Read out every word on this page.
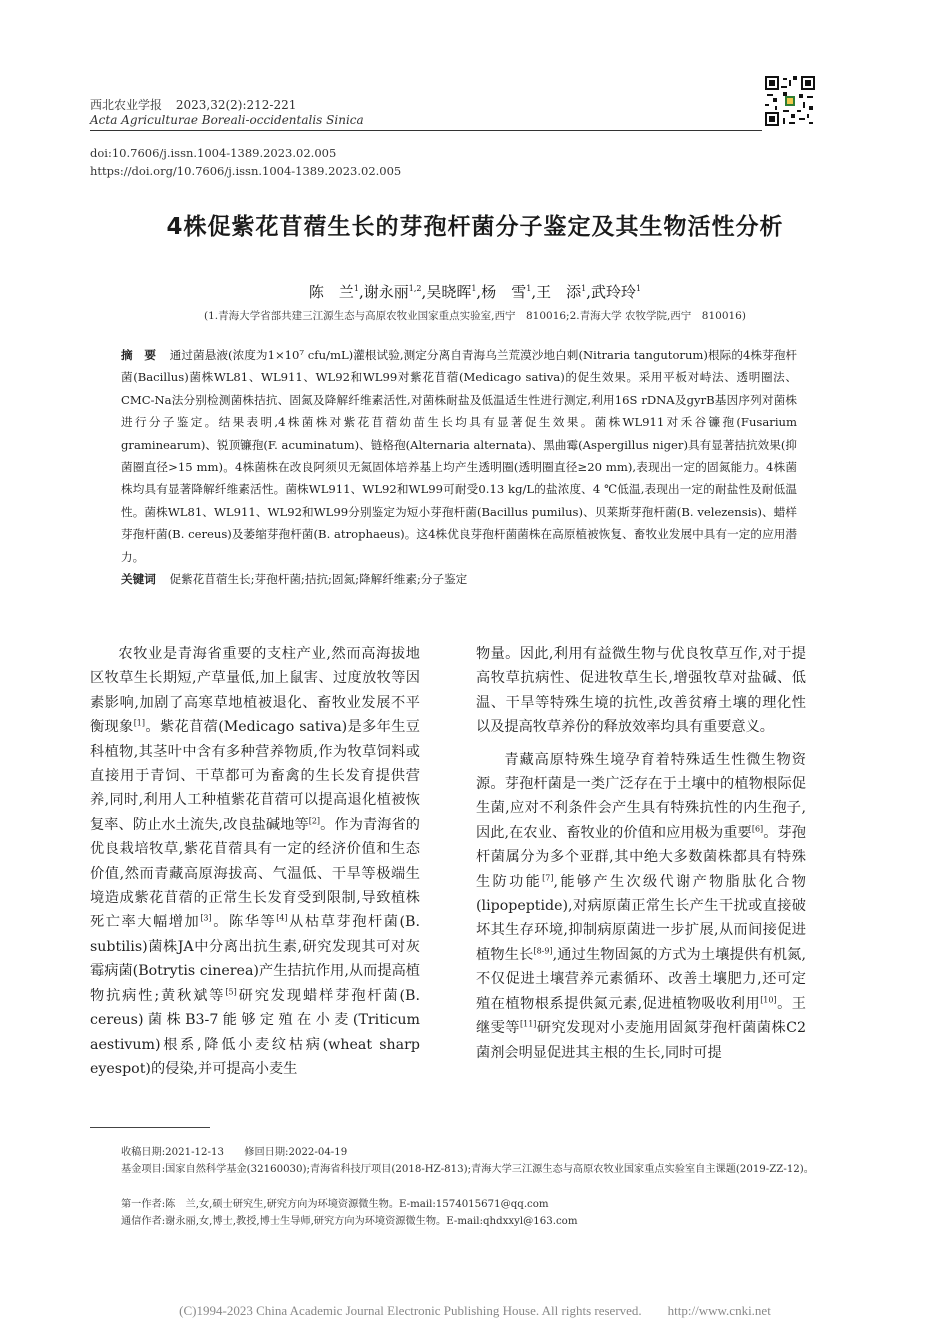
西北农业学报 2023,32(2):212-221
Acta Agriculturae Boreali-occidentalis Sinica
doi:10.7606/j.issn.1004-1389.2023.02.005
https://doi.org/10.7606/j.issn.1004-1389.2023.02.005
4株促紫花苜蓿生长的芽孢杆菌分子鉴定及其生物活性分析
陈　兰$^1$,谢永丽$^{1,2}$,吴晓晖$^1$,杨　雪$^1$,王　添$^1$,武玲玲$^1$
(1.青海大学省部共建三江源生态与高原农牧业国家重点实验室,西宁　810016;2.青海大学 农牧学院,西宁　810016)
摘　要 通过菌悬液(浓度为1×10⁷ cfu/mL)灌根试验,测定分离自青海乌兰荒漠沙地白刺(Nitraria tangutorum)根际的4株芽孢杆菌(Bacillus)菌株WL81、WL911、WL92和WL99对紫花苜蓿(Medicago sativa)的促生效果。采用平板对峙法、透明圈法、CMC-Na法分别检测菌株拮抗、固氮及降解纤维素活性,对菌株耐盐及低温适生性进行测定,利用16S rDNA及gyrB基因序列对菌株进行分子鉴定。结果表明,4株菌株对紫花苜蓿幼苗生长均具有显著促生效果。菌株WL911对禾谷镰孢(Fusarium graminearum)、锐顶镰孢(F. acuminatum)、链格孢(Alternaria alternata)、黑曲霉(Aspergillus niger)具有显著拮抗效果(抑菌圈直径>15 mm)。4株菌株在改良阿须贝无氮固体培养基上均产生透明圈(透明圈直径≥20 mm),表现出一定的固氮能力。4株菌株均具有显著降解纤维素活性。菌株WL911、WL92和WL99可耐受0.13 kg/L的盐浓度、4 ℃低温,表现出一定的耐盐性及耐低温性。菌株WL81、WL911、WL92和WL99分别鉴定为短小芽孢杆菌(Bacillus pumilus)、贝莱斯芽孢杆菌(B. velezensis)、蜡样芽孢杆菌(B. cereus)及萎缩芽孢杆菌(B. atrophaeus)。这4株优良芽孢杆菌菌株在高原植被恢复、畜牧业发展中具有一定的应用潜力。
关键词 促紫花苜蓿生长;芽孢杆菌;拮抗;固氮;降解纤维素;分子鉴定

农牧业是青海省重要的支柱产业,然而高海拔地区牧草生长期短,产草量低,加上鼠害、过度放牧等因素影响,加剧了高寒草地植被退化、畜牧业发展不平衡现象[1]。紫花苜蓿(Medicago sativa)是多年生豆科植物,其茎叶中含有多种营养物质,作为牧草饲料或直接用于青饲、干草都可为畜禽的生长发育提供营养,同时,利用人工种植紫花苜蓿可以提高退化植被恢复率、防止水土流失,改良盐碱地等[2]。作为青海省的优良栽培牧草,紫花苜蓿具有一定的经济价值和生态价值,然而青藏高原海拔高、气温低、干旱等极端生境造成紫花苜蓿的正常生长发育受到限制,导致植株死亡率大幅增加[3]。陈华等[4]从枯草芽孢杆菌(B. subtilis)菌株JA中分离出抗生素,研究发现其可对灰霉病菌(Botrytis cinerea)产生拮抗作用,从而提高植物抗病性;黄秋斌等[5]研究发现蜡样芽孢杆菌(B. cereus)菌株B3-7能够定殖在小麦(Triticum aestivum)根系,降低小麦纹枯病(wheat sharp eyespot)的侵染,并可提高小麦生

物量。因此,利用有益微生物与优良牧草互作,对于提高牧草抗病性、促进牧草生长,增强牧草对盐碱、低温、干旱等特殊生境的抗性,改善贫瘠土壤的理化性以及提高牧草养份的释放效率均具有重要意义。

青藏高原特殊生境孕育着特殊适生性微生物资源。芽孢杆菌是一类广泛存在于土壤中的植物根际促生菌,应对不利条件会产生具有特殊抗性的内生孢子,因此,在农业、畜牧业的价值和应用极为重要[6]。芽孢杆菌属分为多个亚群,其中绝大多数菌株都具有特殊生防功能[7],能够产生次级代谢产物脂肽化合物(lipopeptide),对病原菌正常生长产生干扰或直接破坏其生存环境,抑制病原菌进一步扩展,从而间接促进植物生长[8-9],通过生物固氮的方式为土壤提供有机氮,不仅促进土壤营养元素循环、改善土壤肥力,还可定殖在植物根系提供氮元素,促进植物吸收利用[10]。王继雯等[11]研究发现对小麦施用固氮芽孢杆菌菌株C2菌剂会明显促进其主根的生长,同时可提

收稿日期:2021-12-13　　修回日期:2022-04-19
基金项目:国家自然科学基金(32160030);青海省科技厅项目(2018-HZ-813);青海大学三江源生态与高原农牧业国家重点实验室自主课题(2019-ZZ-12)。
第一作者:陈　兰,女,硕士研究生,研究方向为环境资源微生物。E-mail:1574015671@qq.com
通信作者:谢永丽,女,博士,教授,博士生导师,研究方向为环境资源微生物。E-mail:qhdxxyl@163.com
(C)1994-2023 China Academic Journal Electronic Publishing House. All rights reserved.　　http://www.cnki.net
